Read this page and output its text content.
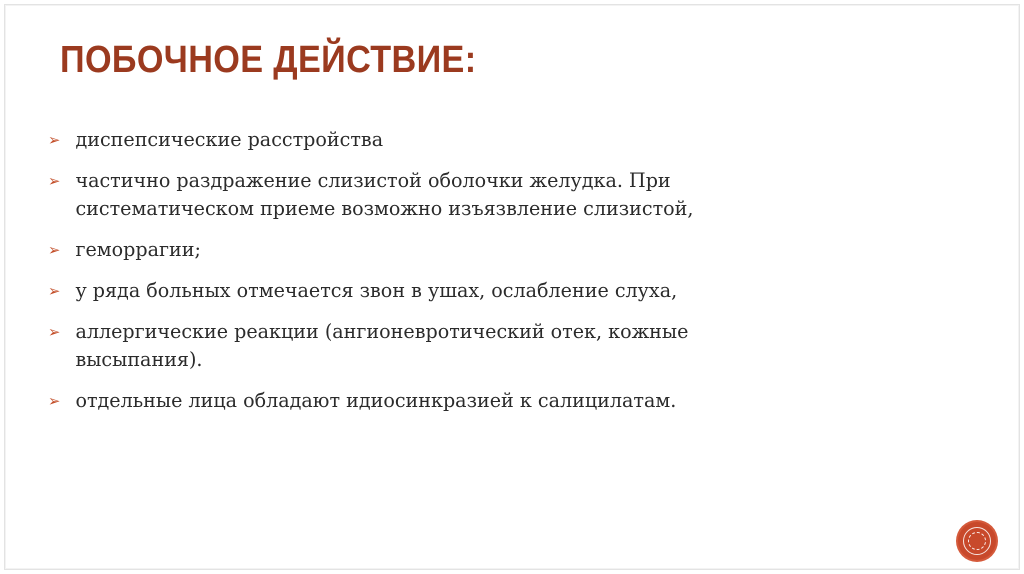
ПОБОЧНОЕ ДЕЙСТВИЕ:
➢ диспепсические расстройства
➢ частично раздражение слизистой оболочки желудка. При
систематическом приеме возможно изъязвление слизистой,
➢ геморрагии;
➢ у ряда больных отмечается звон в ушах, ослабление слуха,
➢ аллергические реакции (ангионевротический отек, кожные
высыпания).
➢ отдельные лица обладают идиосинкразией к салицилатам.
